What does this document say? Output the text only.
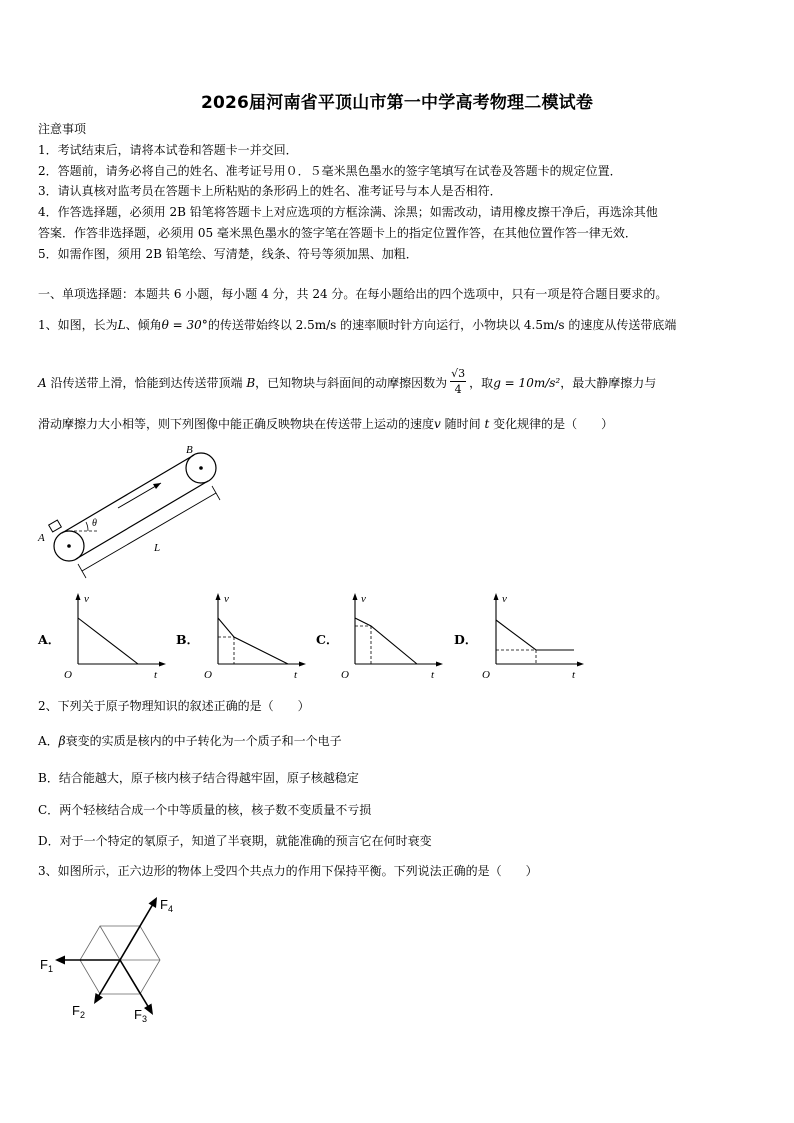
2026届河南省平顶山市第一中学高考物理二模试卷
注意事项
1．考试结束后，请将本试卷和答题卡一并交回．
2．答题前，请务必将自己的姓名、准考证号用０．５毫米黑色墨水的签字笔填写在试卷及答题卡的规定位置．
3．请认真核对监考员在答题卡上所粘贴的条形码上的姓名、准考证号与本人是否相符．
4．作答选择题，必须用 2B 铅笔将答题卡上对应选项的方框涂满、涂黑；如需改动，请用橡皮擦干净后，再选涂其他
答案．作答非选择题，必须用 05 毫米黑色墨水的签字笔在答题卡上的指定位置作答，在其他位置作答一律无效．
5．如需作图，须用 2B 铅笔绘、写清楚，线条、符号等须加黑、加粗．
一、单项选择题：本题共 6 小题，每小题 4 分，共 24 分。在每小题给出的四个选项中，只有一项是符合题目要求的。
1、如图，长为L、倾角θ = 30°的传送带始终以 2.5m/s 的速率顺时针方向运行，小物块以 4.5m/s 的速度从传送带底端
A 沿传送带上滑，恰能到达传送带顶端 B，已知物块与斜面间的动摩擦因数为 $\frac{√3}{4}$ ，取g = 10m/s²，最大静摩擦力与
滑动摩擦力大小相等，则下列图像中能正确反映物块在传送带上运动的速度v 随时间 t 变化规律的是（　　）
A
B
L
θ
A．
v
t
O
B．
v
t
O
C．
v
t
O
D．
v
t
O
2、下列关于原子物理知识的叙述正确的是（　　）
A．β衰变的实质是核内的中子转化为一个质子和一个电子
B．结合能越大，原子核内核子结合得越牢固，原子核越稳定
C．两个轻核结合成一个中等质量的核，核子数不变质量不亏损
D．对于一个特定的氡原子，知道了半衰期，就能准确的预言它在何时衰变
3、如图所示，正六边形的物体上受四个共点力的作用下保持平衡。下列说法正确的是（　　）
$F_1$
$F_2$	$F_3$
$F_4$
